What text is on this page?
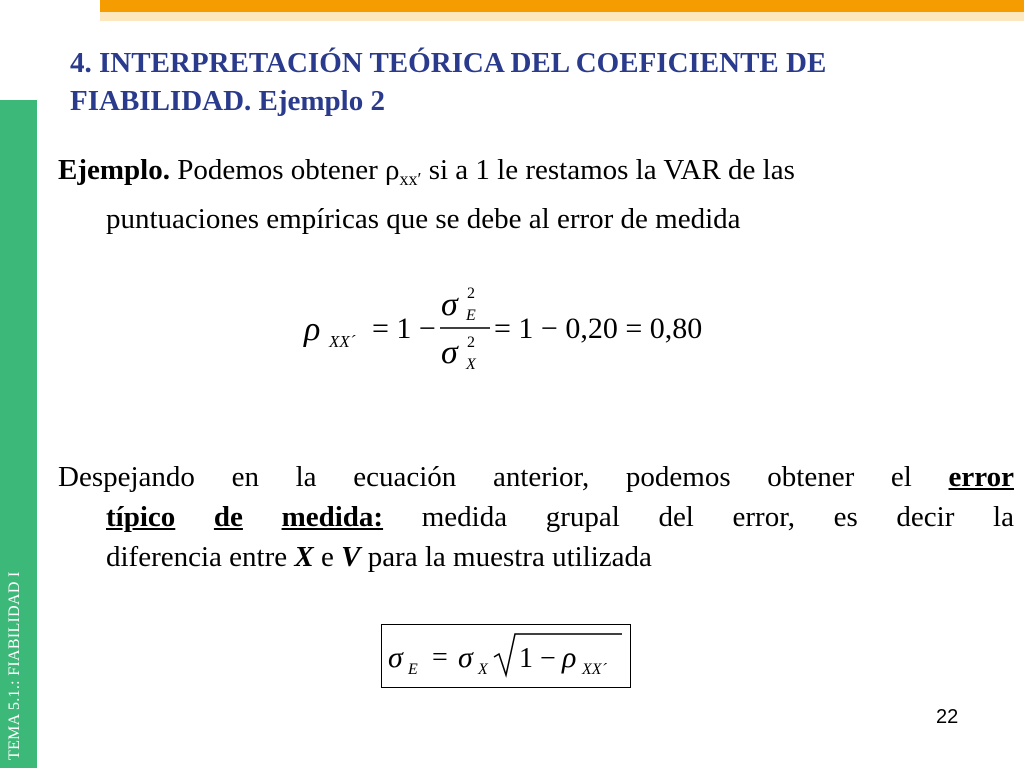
TEMA 5.1.: FIABILIDAD I
4. INTERPRETACIÓN TEÓRICA DEL COEFICIENTE DE
FIABILIDAD. Ejemplo 2
Ejemplo. Podemos obtener $\rho_{xx'}$ si a 1 le restamos la VAR de las
puntuaciones empíricas que se debe al error de medida
ρ XX´ = 1 −
σ 2
E
σ 2
X
= 1 − 0,20 = 0,80
Despejando en la ecuación anterior, podemos obtener el error
típico de medida: medida grupal del error, es decir la
diferencia entre X e V para la muestra utilizada
σ E = σ X 1 − ρ XX´
22
